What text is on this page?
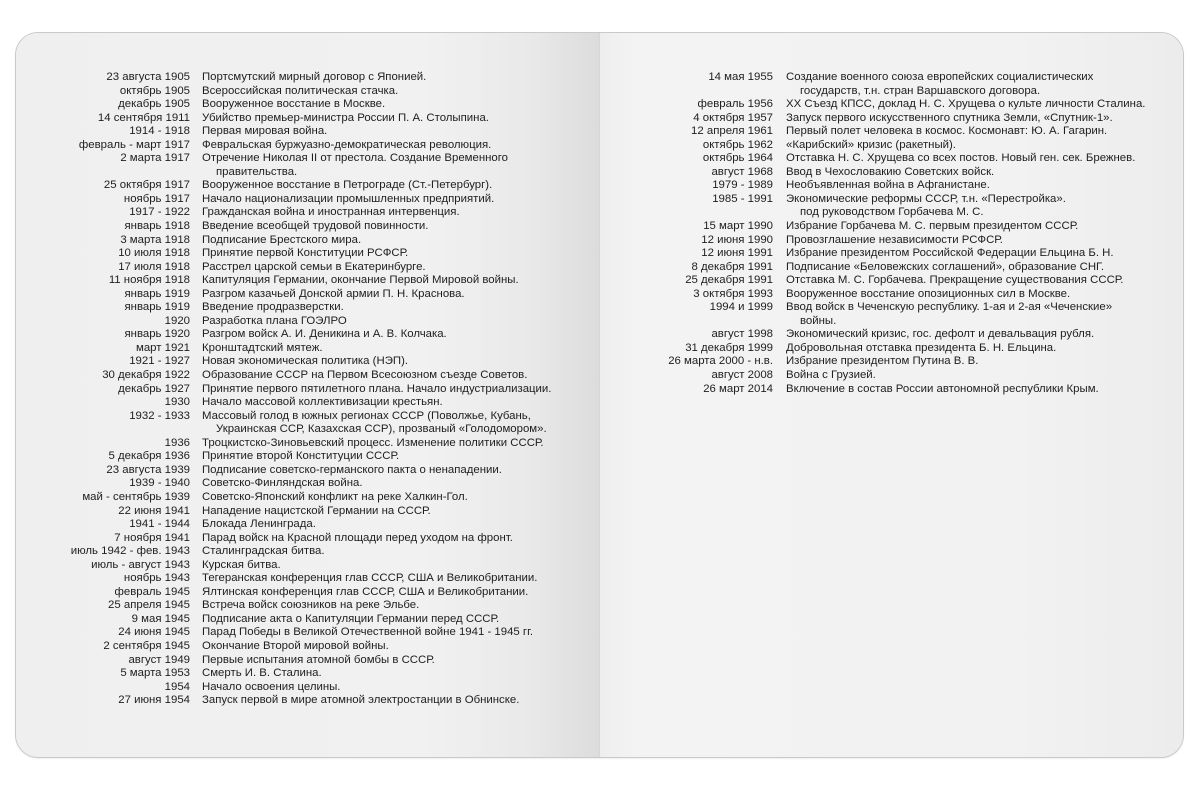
23 августа 1905 Портсмутский мирный договор с Японией.
октябрь 1905 Всероссийская политическая стачка.
декабрь 1905 Вооруженное восстание в Москве.
14 сентября 1911 Убийство премьер-министра России П. А. Столыпина.
1914 - 1918 Первая мировая война.
февраль - март 1917 Февральская буржуазно-демократическая революция.
2 марта 1917 Отречение Николая II от престола. Создание Временного
правительства.
25 октября 1917 Вооруженное восстание в Петрограде (Ст.-Петербург).
ноябрь 1917 Начало национализации промышленных предприятий.
1917 - 1922 Гражданская война и иностранная интервенция.
январь 1918 Введение всеобщей трудовой повинности.
3 марта 1918 Подписание Брестского мира.
10 июля 1918 Принятие первой Конституции РСФСР.
17 июля 1918 Расстрел царской семьи в Екатеринбурге.
11 ноября 1918 Капитуляция Германии, окончание Первой Мировой войны.
январь 1919 Разгром казачьей Донской армии П. Н. Краснова.
январь 1919 Введение продразверстки.
1920 Разработка плана ГОЭЛРО
январь 1920 Разгром войск А. И. Деникина и А. В. Колчака.
март 1921 Кронштадтский мятеж.
1921 - 1927 Новая экономическая политика (НЭП).
30 декабря 1922 Образование СССР на Первом Всесоюзном съезде Советов.
декабрь 1927 Принятие первого пятилетного плана. Начало индустриализации.
1930 Начало массовой коллективизации крестьян.
1932 - 1933 Массовый голод в южных регионах СССР (Поволжье, Кубань,
Украинская ССР, Казахская ССР), прозваный «Голодомором».
1936 Троцкистско-Зиновьевский процесс. Изменение политики СССР.
5 декабря 1936 Принятие второй Конституции СССР.
23 августа 1939 Подписание советско-германского пакта о ненападении.
1939 - 1940 Советско-Финляндская война.
май - сентябрь 1939 Советско-Японский конфликт на реке Халкин-Гол.
22 июня 1941 Нападение нацистской Германии на СССР.
1941 - 1944 Блокада Ленинграда.
7 ноября 1941 Парад войск на Красной площади перед уходом на фронт.
июль 1942 - фев. 1943 Сталинградская битва.
июль - август 1943 Курская битва.
ноябрь 1943 Тегеранская конференция глав СССР, США и Великобритании.
февраль 1945 Ялтинская конференция глав СССР, США и Великобритании.
25 апреля 1945 Встреча войск союзников на реке Эльбе.
9 мая 1945 Подписание акта о Капитуляции Германии перед СССР.
24 июня 1945 Парад Победы в Великой Отечественной войне 1941 - 1945 гг.
2 сентября 1945 Окончание Второй мировой войны.
август 1949 Первые испытания атомной бомбы в СССР.
5 марта 1953 Смерть И. В. Сталина.
1954 Начало освоения целины.
27 июня 1954 Запуск первой в мире атомной электростанции в Обнинске.
14 мая 1955 Создание военного союза европейских социалистических
государств, т.н. стран Варшавского договора.
февраль 1956 XX Съезд КПСС, доклад Н. С. Хрущева о культе личности Сталина.
4 октября 1957 Запуск первого искусственного спутника Земли, «Спутник-1».
12 апреля 1961 Первый полет человека в космос. Космонавт: Ю. А. Гагарин.
октябрь 1962 «Карибский» кризис (ракетный).
октябрь 1964 Отставка Н. С. Хрущева со всех постов. Новый ген. сек. Брежнев.
август 1968 Ввод в Чехословакию Советских войск.
1979 - 1989 Необъявленная война в Афганистане.
1985 - 1991 Экономические реформы СССР, т.н. «Перестройка».
под руководством Горбачева М. С.
15 март 1990 Избрание Горбачева М. С. первым президентом СССР.
12 июня 1990 Провозглашение независимости РСФСР.
12 июня 1991 Избрание президентом Российской Федерации Ельцина Б. Н.
8 декабря 1991 Подписание «Беловежских соглашений», образование СНГ.
25 декабря 1991 Отставка М. С. Горбачева. Прекращение существования СССР.
3 октября 1993 Вооруженное восстание опозиционных сил в Москве.
1994 и 1999 Ввод войск в Чеченскую республику. 1-ая и 2-ая «Чеченские»
войны.
август 1998 Экономический кризис, гос. дефолт и девальвация рубля.
31 декабря 1999 Добровольная отставка президента Б. Н. Ельцина.
26 марта 2000 - н.в. Избрание президентом Путина В. В.
август 2008 Война с Грузией.
26 март 2014 Включение в состав России автономной республики Крым.
